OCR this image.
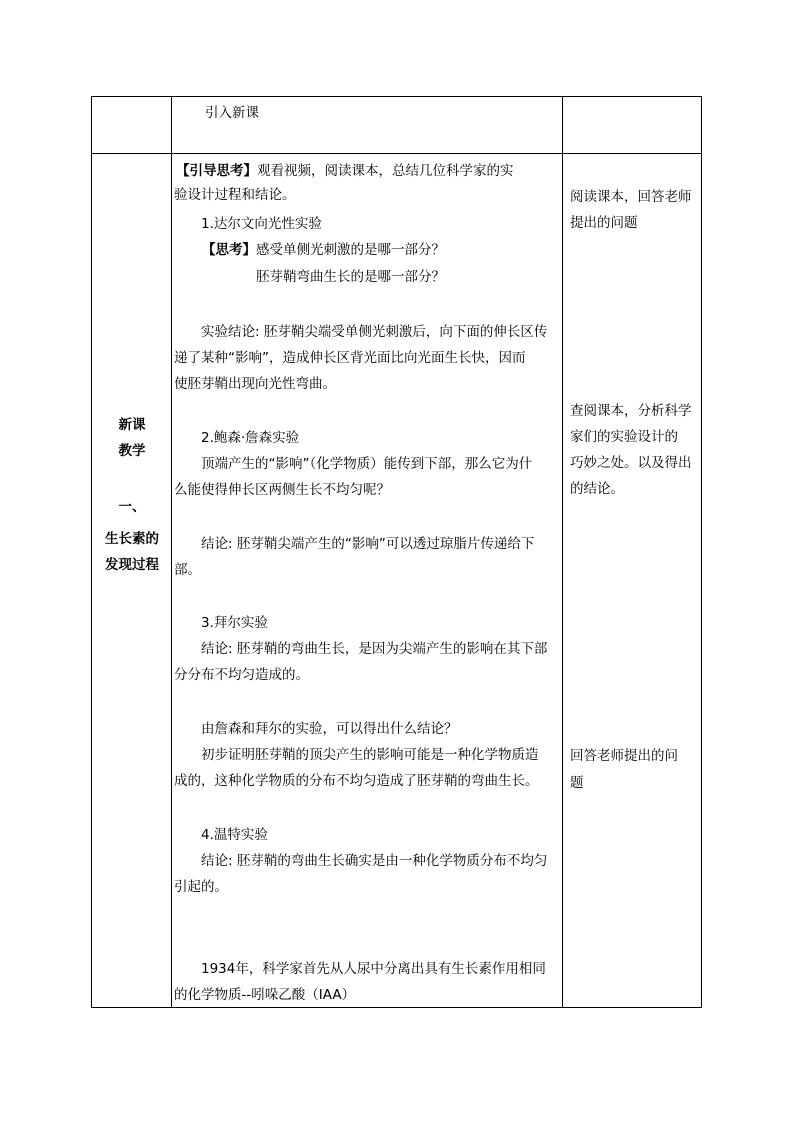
引入新课
新课
教学
一、
生长素的
发现过程
【引导思考】观看视频，阅读课本，总结几位科学家的实
验设计过程和结论。
1.达尔文向光性实验
【思考】感受单侧光刺激的是哪一部分？
胚芽鞘弯曲生长的是哪一部分？
实验结论: 胚芽鞘尖端受单侧光刺激后，向下面的伸长区传
递了某种“影响”，造成伸长区背光面比向光面生长快，因而
使胚芽鞘出现向光性弯曲。
2.鲍森·詹森实验
顶端产生的“影响”（化学物质）能传到下部，那么它为什
么能使得伸长区两侧生长不均匀呢？
结论: 胚芽鞘尖端产生的“影响”可以透过琼脂片传递给下
部。
3.拜尔实验
结论: 胚芽鞘的弯曲生长，是因为尖端产生的影响在其下部
分分布不均匀造成的。
由詹森和拜尔的实验，可以得出什么结论？
初步证明胚芽鞘的顶尖产生的影响可能是一种化学物质造
成的，这种化学物质的分布不均匀造成了胚芽鞘的弯曲生长。
4.温特实验
结论: 胚芽鞘的弯曲生长确实是由一种化学物质分布不均匀
引起的。
1934年，科学家首先从人尿中分离出具有生长素作用相同
的化学物质--吲哚乙酸（IAA）
阅读课本，回答老师
提出的问题
查阅课本，分析科学
家们的实验设计的
巧妙之处。以及得出
的结论。
回答老师提出的问
题
